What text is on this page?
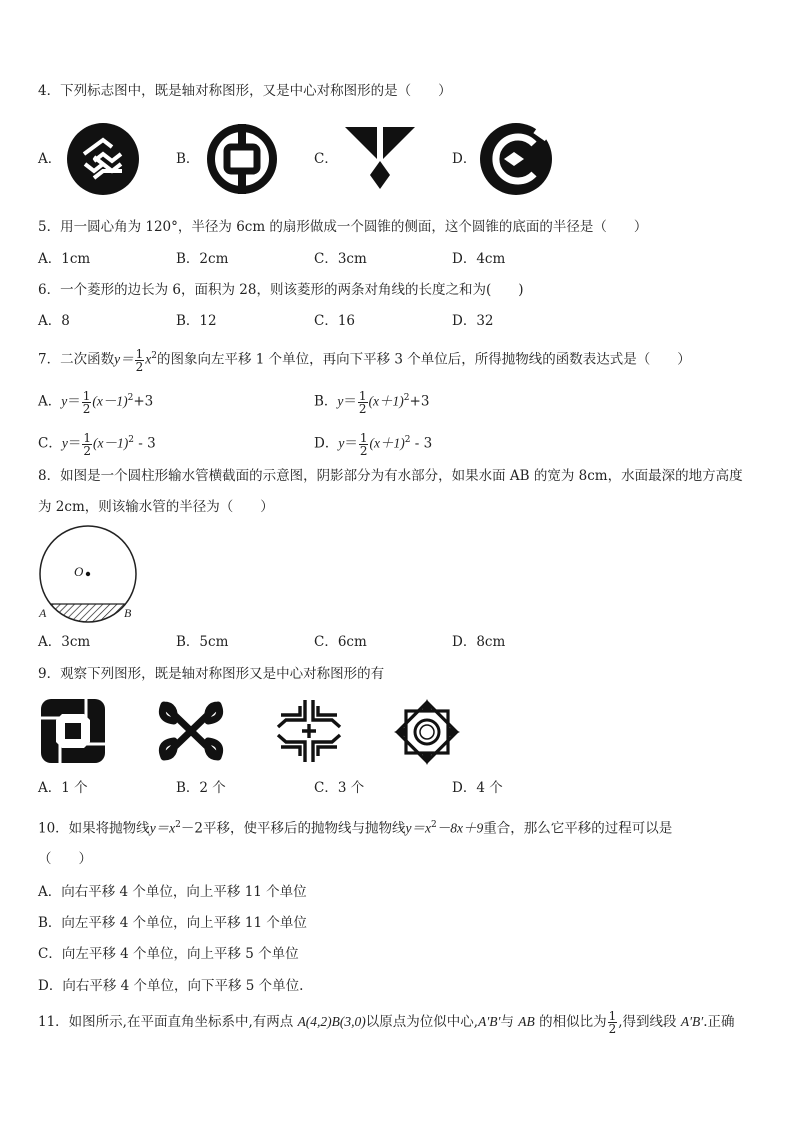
4．下列标志图中，既是轴对称图形，又是中心对称图形的是（　　）
A．	B．	C．	D．
5．用一圆心角为 120°，半径为 6cm 的扇形做成一个圆锥的侧面，这个圆锥的底面的半径是（　　）
A．1cm	B．2cm	C．3cm	D．4cm
6．一个菱形的边长为 6，面积为 28，则该菱形的两条对角线的长度之和为(　　)
A．8	B．12	C．16	D．32
7．二次函数$y= \frac{1}{2} x^2$的图象向左平移 1 个单位，再向下平移 3 个单位后，所得抛物线的函数表达式是（　　）
A．$y= \frac{1}{2} (x-1)^2+3$	B．$y= \frac{1}{2} (x+1)^2+3$
C．$y= \frac{1}{2} (x-1)^2 - 3$	D．$y= \frac{1}{2} (x+1)^2 - 3$
8．如图是一个圆柱形输水管横截面的示意图，阴影部分为有水部分，如果水面 AB 的宽为 8cm，水面最深的地方高度
为 2cm，则该输水管的半径为（　　）
O
A	B
A．3cm	B．5cm	C．6cm	D．8cm
9．观察下列图形，既是轴对称图形又是中心对称图形的有
A．1 个	B．2 个	C．3 个	D．4 个
10．如果将抛物线$y=x^2-2$平移，使平移后的抛物线与抛物线$y=x^2-8x+9$重合，那么它平移的过程可以是
（　　）
A．向右平移 4 个单位，向上平移 11 个单位
B．向左平移 4 个单位，向上平移 11 个单位
C．向左平移 4 个单位，向上平移 5 个单位
D．向右平移 4 个单位，向下平移 5 个单位.
11．如图所示,在平面直角坐标系中,有两点 A(4,2)B(3,0)以原点为位似中心,A′B′与 AB 的相似比为 $\frac{1}{2}$ ,得到线段 A′B′.正确
